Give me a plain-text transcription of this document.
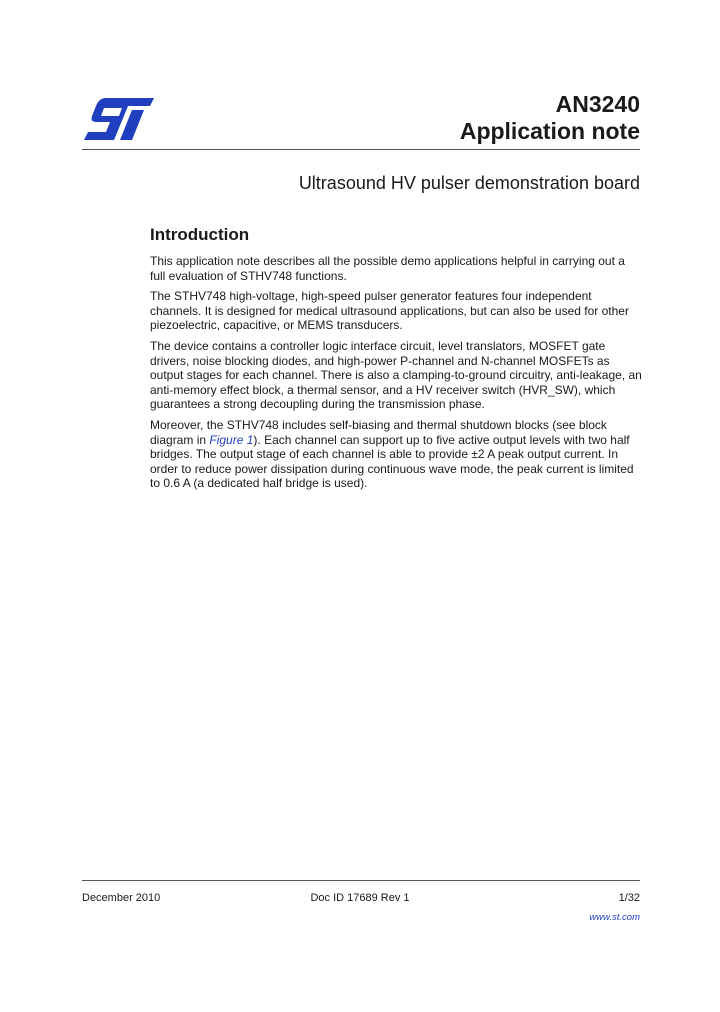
AN3240
Application note
Ultrasound HV pulser demonstration board
Introduction

This application note describes all the possible demo applications helpful in carrying out a full evaluation of STHV748 functions.

The STHV748 high-voltage, high-speed pulser generator features four independent channels. It is designed for medical ultrasound applications, but can also be used for other piezoelectric, capacitive, or MEMS transducers.

The device contains a controller logic interface circuit, level translators, MOSFET gate drivers, noise blocking diodes, and high-power P-channel and N-channel MOSFETs as output stages for each channel. There is also a clamping-to-ground circuitry, anti-leakage, an anti-memory effect block, a thermal sensor, and a HV receiver switch (HVR_SW), which guarantees a strong decoupling during the transmission phase.

Moreover, the STHV748 includes self-biasing and thermal shutdown blocks (see block diagram in Figure 1). Each channel can support up to five active output levels with two half bridges. The output stage of each channel is able to provide ±2 A peak output current. In order to reduce power dissipation during continuous wave mode, the peak current is limited to 0.6 A (a dedicated half bridge is used).

December 2010	Doc ID 17689 Rev 1	1/32
www.st.com
